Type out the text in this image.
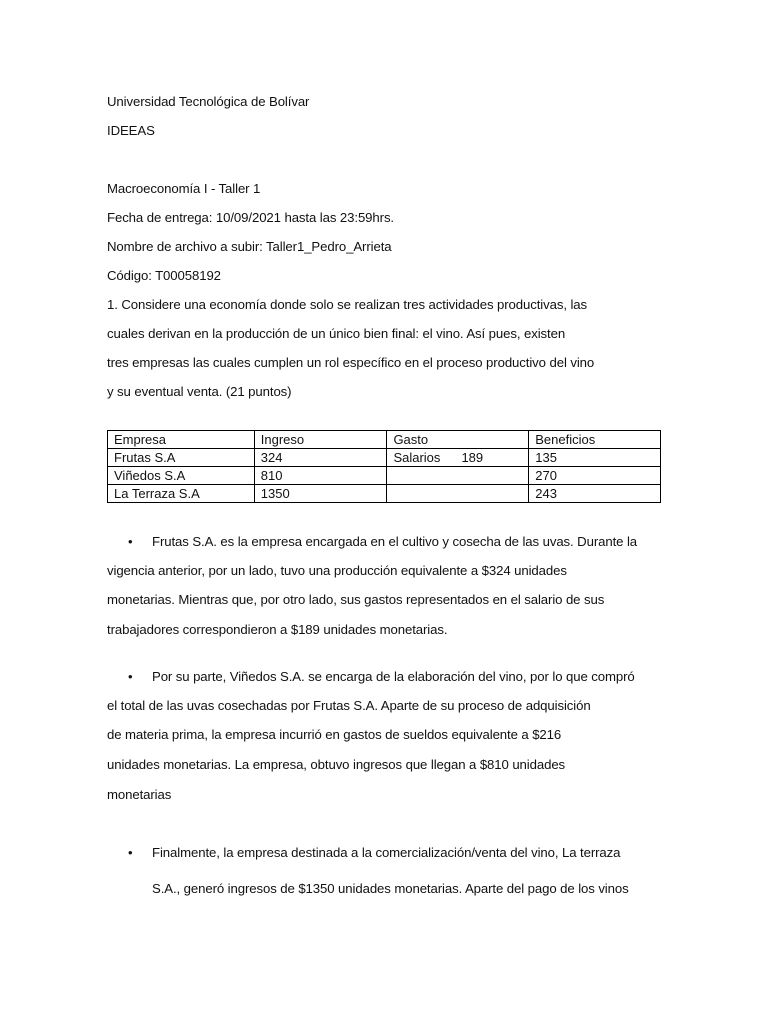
Universidad Tecnológica de Bolívar
IDEEAS
Macroeconomía I - Taller 1
Fecha de entrega: 10/09/2021 hasta las 23:59hrs.
Nombre de archivo a subir: Taller1_Pedro_Arrieta
Código: T00058192
1. Considere una economía donde solo se realizan tres actividades productivas, las
cuales derivan en la producción de un único bien final: el vino. Así pues, existen
tres empresas las cuales cumplen un rol específico en el proceso productivo del vino
y su eventual venta. (21 puntos)
Empresa	Ingreso	Gasto	Beneficios
Frutas S.A	324	Salarios 189	135
Viñedos S.A	810		270
La Terraza S.A	1350		243
• Frutas S.A. es la empresa encargada en el cultivo y cosecha de las uvas. Durante la
vigencia anterior, por un lado, tuvo una producción equivalente a $324 unidades
monetarias. Mientras que, por otro lado, sus gastos representados en el salario de sus
trabajadores correspondieron a $189 unidades monetarias.
• Por su parte, Viñedos S.A. se encarga de la elaboración del vino, por lo que compró
el total de las uvas cosechadas por Frutas S.A. Aparte de su proceso de adquisición
de materia prima, la empresa incurrió en gastos de sueldos equivalente a $216
unidades monetarias. La empresa, obtuvo ingresos que llegan a $810 unidades
monetarias
• Finalmente, la empresa destinada a la comercialización/venta del vino, La terraza
S.A., generó ingresos de $1350 unidades monetarias. Aparte del pago de los vinos
